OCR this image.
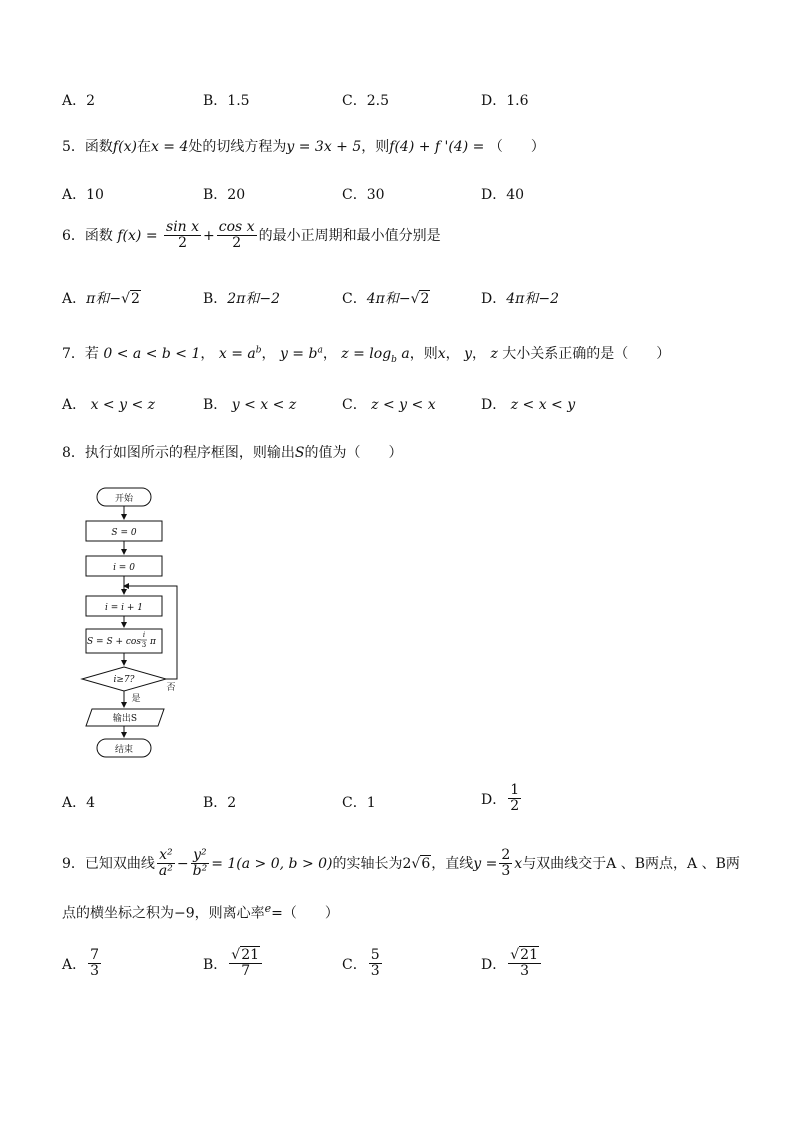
A．2	B．1.5	C．2.5	D．1.6
5．函数f(x)在x = 4处的切线方程为y = 3x + 5，则f(4) + f '(4) = （　　）
A．10	B．20	C．30	D．40
6．函数 $f(x) = \frac{\text{sin x}}{2} + \frac{\text{cos x}}{2}$ 的最小正周期和最小值分别是
A．π和−√2	B．2π和−2	C．4π和−√2	D．4π和−2
7．若 0 < a < b < 1， $x = a^b$， $y = b^a$， $z = \log_b a$，则x， y， z 大小关系正确的是（　　）
A． x < y < z	B． y < x < z	C． z < y < x	D． z < x < y
8．执行如图所示的程序框图，则输出S的值为（　　）
开始
S = 0
i = 0
i = i + 1
S = S + cos
i
3 π
i≥7?
是
否
输出S
结束
A．4	B．2	C．1	D． $\frac{1}{2}$
9．已知双曲线 $\frac{\text{x²}}{\text{a²}} - \frac{\text{y²}}{\text{b²}} = 1(a > 0$, b > 0)的实轴长为2√6，直线$y = \frac{2}{3}$ x与双曲线交于A 、B两点，A 、B两
点的横坐标之积为−9，则离心率$^e$=（　　）
A． $\frac{7}{3}$	B． $\frac{√21}{7}$	C． $\frac{5}{3}$	D． $\frac{√21}{3}$
